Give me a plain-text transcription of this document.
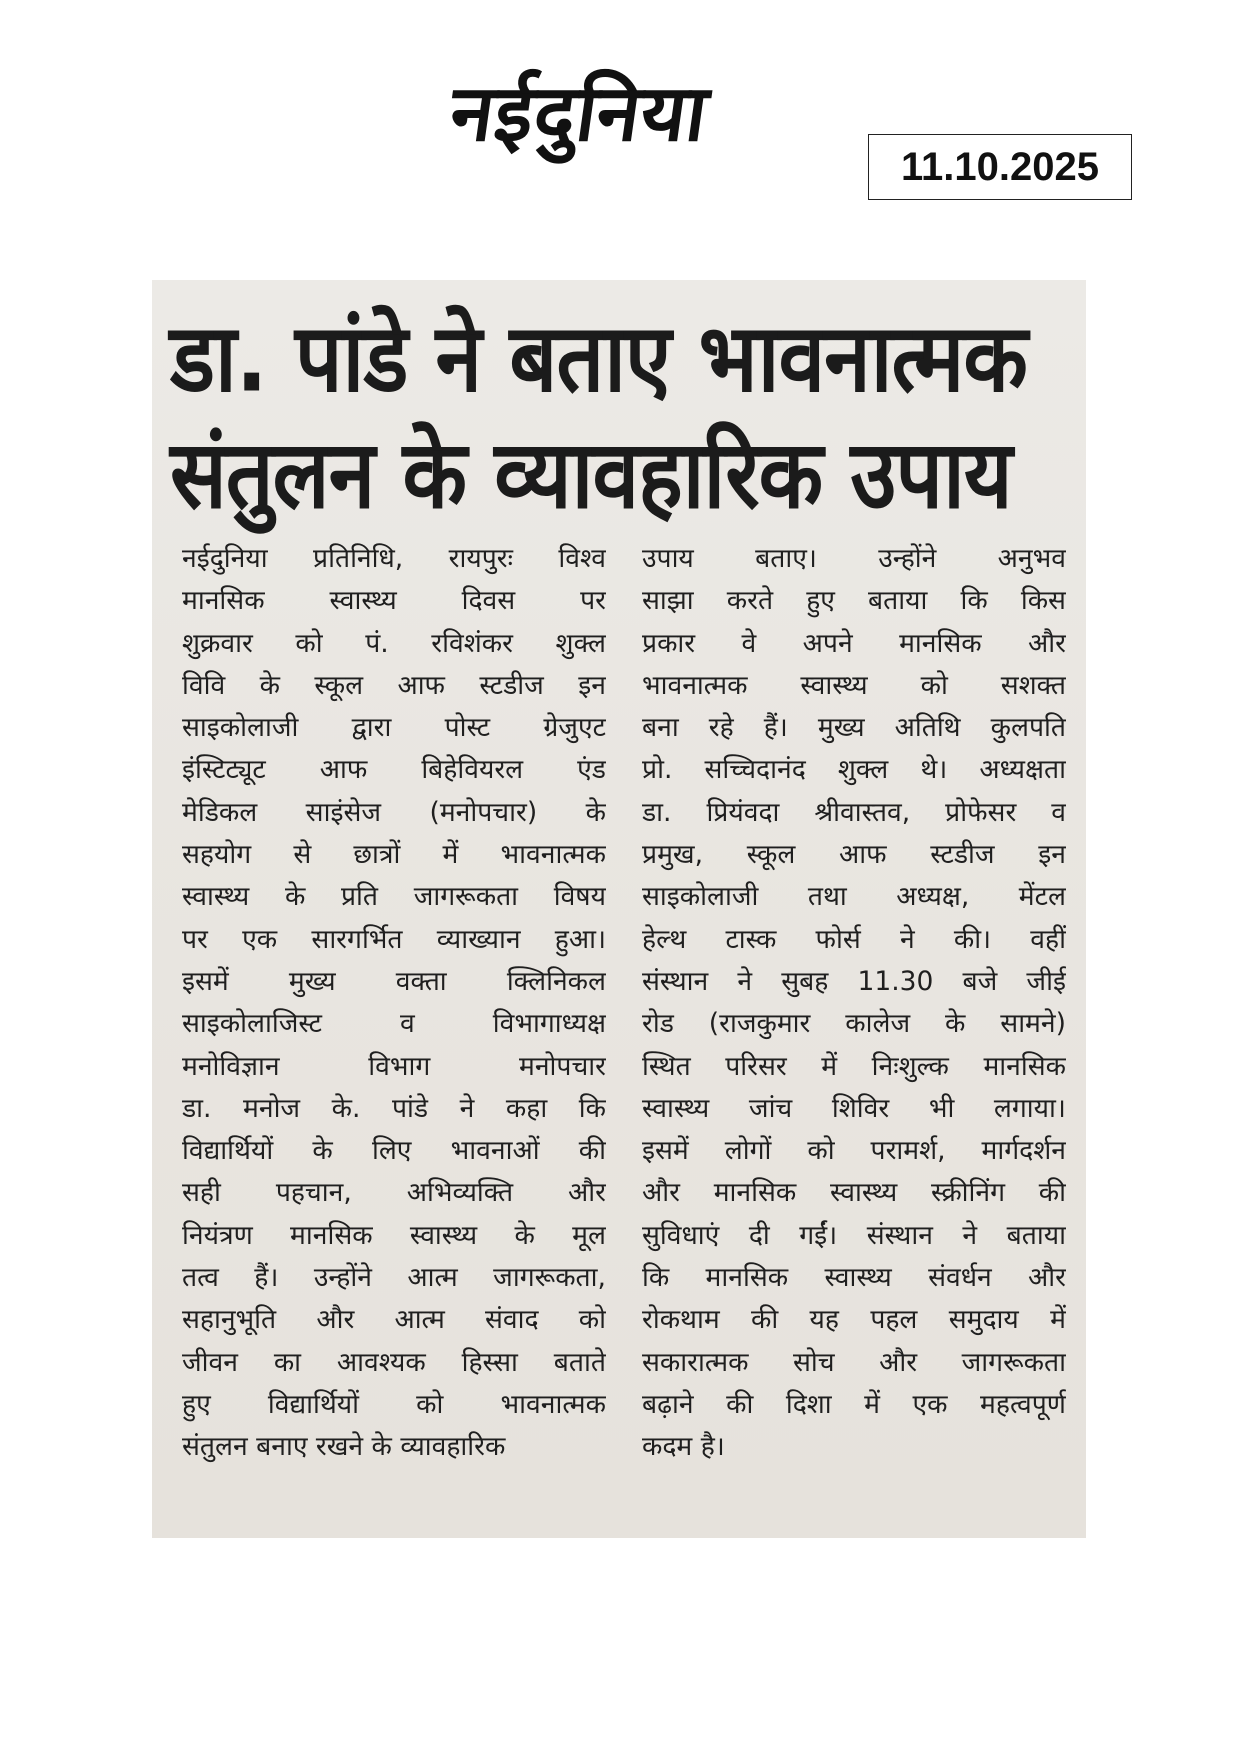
नईदुनिया
11.10.2025
डा. पांडे ने बताए भावनात्मक
संतुलन के व्यावहारिक उपाय
नईदुनिया प्रतिनिधि, रायपुरः विश्व
मानसिक स्वास्थ्य दिवस पर
शुक्रवार को पं. रविशंकर शुक्ल
विवि के स्कूल आफ स्टडीज इन
साइकोलाजी द्वारा पोस्ट ग्रेजुएट
इंस्टिट्यूट आफ बिहेवियरल एंड
मेडिकल साइंसेज (मनोपचार) के
सहयोग से छात्रों में भावनात्मक
स्वास्थ्य के प्रति जागरूकता विषय
पर एक सारगर्भित व्याख्यान हुआ।
इसमें मुख्य वक्ता क्लिनिकल
साइकोलाजिस्ट	व	विभागाध्यक्ष
मनोविज्ञान	विभाग	मनोपचार
डा. मनोज के. पांडे ने कहा कि
विद्यार्थियों के लिए भावनाओं की
सही पहचान, अभिव्यक्ति और
नियंत्रण मानसिक स्वास्थ्य के मूल
तत्व हैं। उन्होंने आत्म जागरूकता,
सहानुभूति और आत्म संवाद को
जीवन का आवश्यक हिस्सा बताते
हुए विद्यार्थियों को भावनात्मक
संतुलन बनाए रखने के व्यावहारिक
उपाय बताए। उन्होंने अनुभव
साझा करते हुए बताया कि किस
प्रकार वे अपने मानसिक और
भावनात्मक स्वास्थ्य को सशक्त
बना रहे हैं। मुख्य अतिथि कुलपति
प्रो. सच्चिदानंद शुक्ल थे। अध्यक्षता
डा. प्रियंवदा श्रीवास्तव, प्रोफेसर व
प्रमुख, स्कूल आफ स्टडीज इन
साइकोलाजी तथा अध्यक्ष, मेंटल
हेल्थ टास्क फोर्स ने की। वहीं
संस्थान ने सुबह 11.30 बजे जीई
रोड (राजकुमार कालेज के सामने)
स्थित परिसर में निःशुल्क मानसिक
स्वास्थ्य जांच शिविर भी लगाया।
इसमें लोगों को परामर्श, मार्गदर्शन
और मानसिक स्वास्थ्य स्क्रीनिंग की
सुविधाएं दी गईं। संस्थान ने बताया
कि मानसिक स्वास्थ्य संवर्धन और
रोकथाम की यह पहल समुदाय में
सकारात्मक सोच और जागरूकता
बढ़ाने की दिशा में एक महत्वपूर्ण
कदम है।
